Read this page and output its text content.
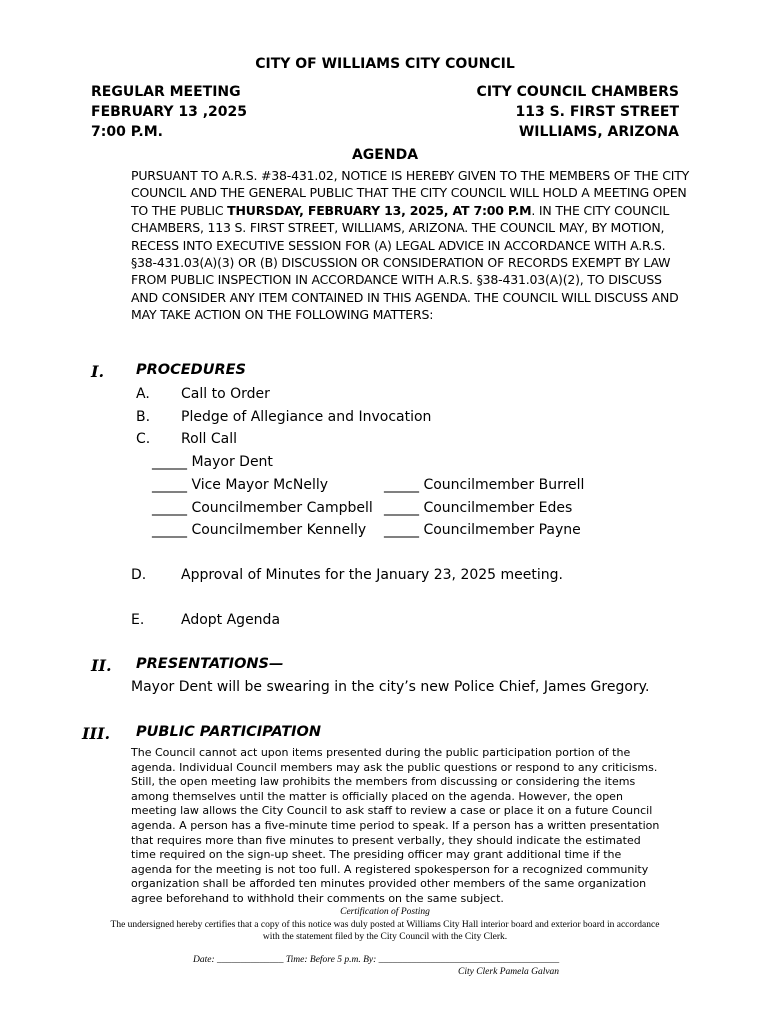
CITY OF WILLIAMS CITY COUNCIL
REGULAR MEETING
FEBRUARY 13 ,2025
7:00 P.M.
CITY COUNCIL CHAMBERS
113 S. FIRST STREET
WILLIAMS, ARIZONA
AGENDA
PURSUANT TO A.R.S. #38-431.02, NOTICE IS HEREBY GIVEN TO THE MEMBERS OF THE CITY COUNCIL AND THE GENERAL PUBLIC THAT THE CITY COUNCIL WILL HOLD A MEETING OPEN TO THE PUBLIC THURSDAY, FEBRUARY 13, 2025, AT 7:00 P.M. IN THE CITY COUNCIL CHAMBERS, 113 S. FIRST STREET, WILLIAMS, ARIZONA. THE COUNCIL MAY, BY MOTION, RECESS INTO EXECUTIVE SESSION FOR (A) LEGAL ADVICE IN ACCORDANCE WITH A.R.S. §38-431.03(A)(3) OR (B) DISCUSSION OR CONSIDERATION OF RECORDS EXEMPT BY LAW FROM PUBLIC INSPECTION IN ACCORDANCE WITH A.R.S. §38-431.03(A)(2), TO DISCUSS AND CONSIDER ANY ITEM CONTAINED IN THIS AGENDA. THE COUNCIL WILL DISCUSS AND MAY TAKE ACTION ON THE FOLLOWING MATTERS:
I. PROCEDURES
A. Call to Order
B. Pledge of Allegiance and Invocation
C. Roll Call
_____ Mayor Dent
_____ Vice Mayor McNelly
_____ Councilmember Campbell
_____ Councilmember Kennelly
_____ Councilmember Burrell
_____ Councilmember Edes
_____ Councilmember Payne
D. Approval of Minutes for the January 23, 2025 meeting.
E.	Adopt Agenda
II. PRESENTATIONS—
Mayor Dent will be swearing in the city’s new Police Chief, James Gregory.
III. PUBLIC PARTICIPATION
The Council cannot act upon items presented during the public participation portion of the agenda. Individual Council members may ask the public questions or respond to any criticisms. Still, the open meeting law prohibits the members from discussing or considering the items among themselves until the matter is officially placed on the agenda. However, the open meeting law allows the City Council to ask staff to review a case or place it on a future Council agenda. A person has a five-minute time period to speak. If a person has a written presentation that requires more than five minutes to present verbally, they should indicate the estimated time required on the sign-up sheet. The presiding officer may grant additional time if the agenda for the meeting is not too full. A registered spokesperson for a recognized community organization shall be afforded ten minutes provided other members of the same organization agree beforehand to withhold their comments on the same subject.
Certification of Posting
The undersigned hereby certifies that a copy of this notice was duly posted at Williams City Hall interior board and exterior board in accordance
with the statement filed by the City Council with the City Clerk.
Date: ______________ Time: Before 5 p.m. By: ______________________________________
City Clerk Pamela Galvan
